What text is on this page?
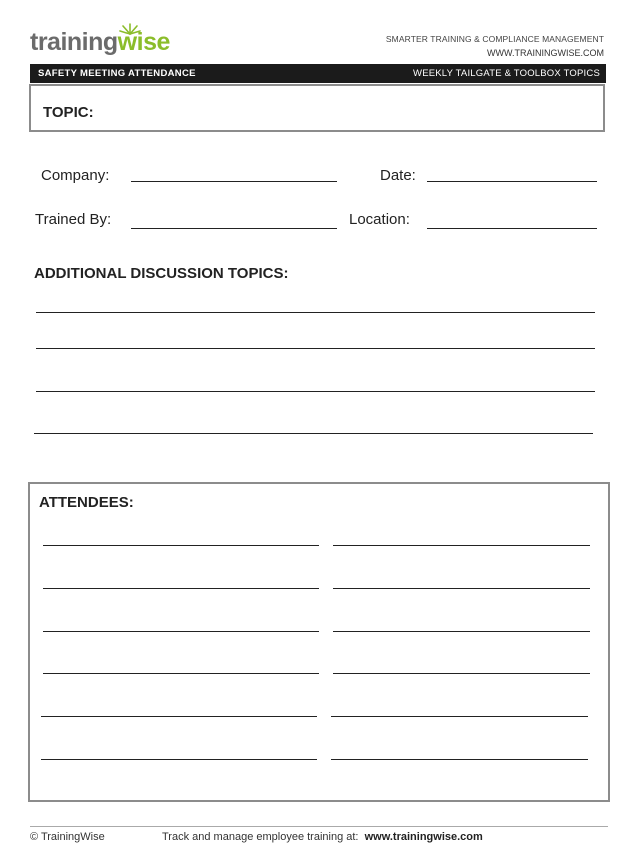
trainingwise	SMARTER TRAINING & COMPLIANCE MANAGEMENT
WWW.TRAININGWISE.COM
SAFETY MEETING ATTENDANCE	WEEKLY TAILGATE & TOOLBOX TOPICS
TOPIC:
Company:	Date:
Trained By:	Location:
ADDITIONAL DISCUSSION TOPICS:
ATTENDEES:
© TrainingWise	Track and manage employee training at: www.trainingwise.com
